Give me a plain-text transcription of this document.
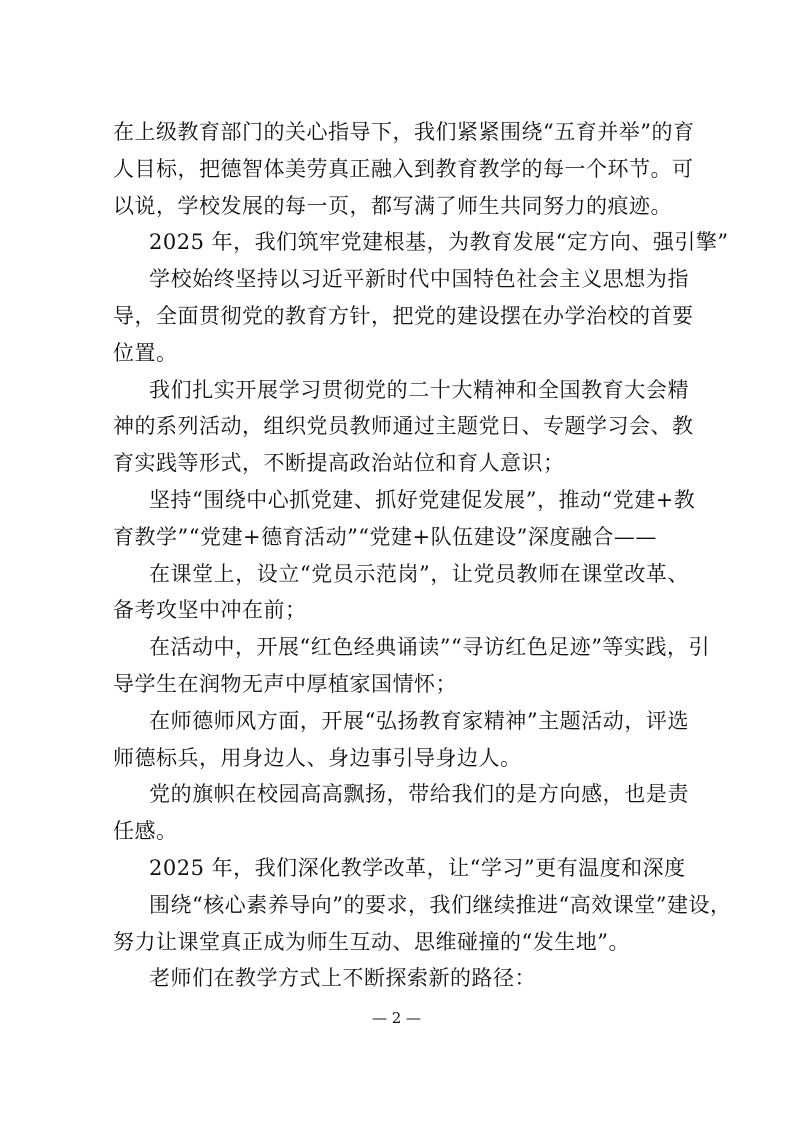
在上级教育部门的关心指导下，我们紧紧围绕“五育并举”的育
人目标，把德智体美劳真正融入到教育教学的每一个环节。可
以说，学校发展的每一页，都写满了师生共同努力的痕迹。
2025 年，我们筑牢党建根基，为教育发展“定方向、强引擎”
学校始终坚持以习近平新时代中国特色社会主义思想为指
导，全面贯彻党的教育方针，把党的建设摆在办学治校的首要
位置。
我们扎实开展学习贯彻党的二十大精神和全国教育大会精
神的系列活动，组织党员教师通过主题党日、专题学习会、教
育实践等形式，不断提高政治站位和育人意识；
坚持“围绕中心抓党建、抓好党建促发展”，推动“党建+教
育教学”“党建+德育活动”“党建+队伍建设”深度融合——
在课堂上，设立“党员示范岗”，让党员教师在课堂改革、
备考攻坚中冲在前；
在活动中，开展“红色经典诵读”“寻访红色足迹”等实践，引
导学生在润物无声中厚植家国情怀；
在师德师风方面，开展“弘扬教育家精神”主题活动，评选
师德标兵，用身边人、身边事引导身边人。
党的旗帜在校园高高飘扬，带给我们的是方向感，也是责
任感。
2025 年，我们深化教学改革，让“学习”更有温度和深度
围绕“核心素养导向”的要求，我们继续推进“高效课堂”建设，
努力让课堂真正成为师生互动、思维碰撞的“发生地”。
老师们在教学方式上不断探索新的路径：
— 2 —
